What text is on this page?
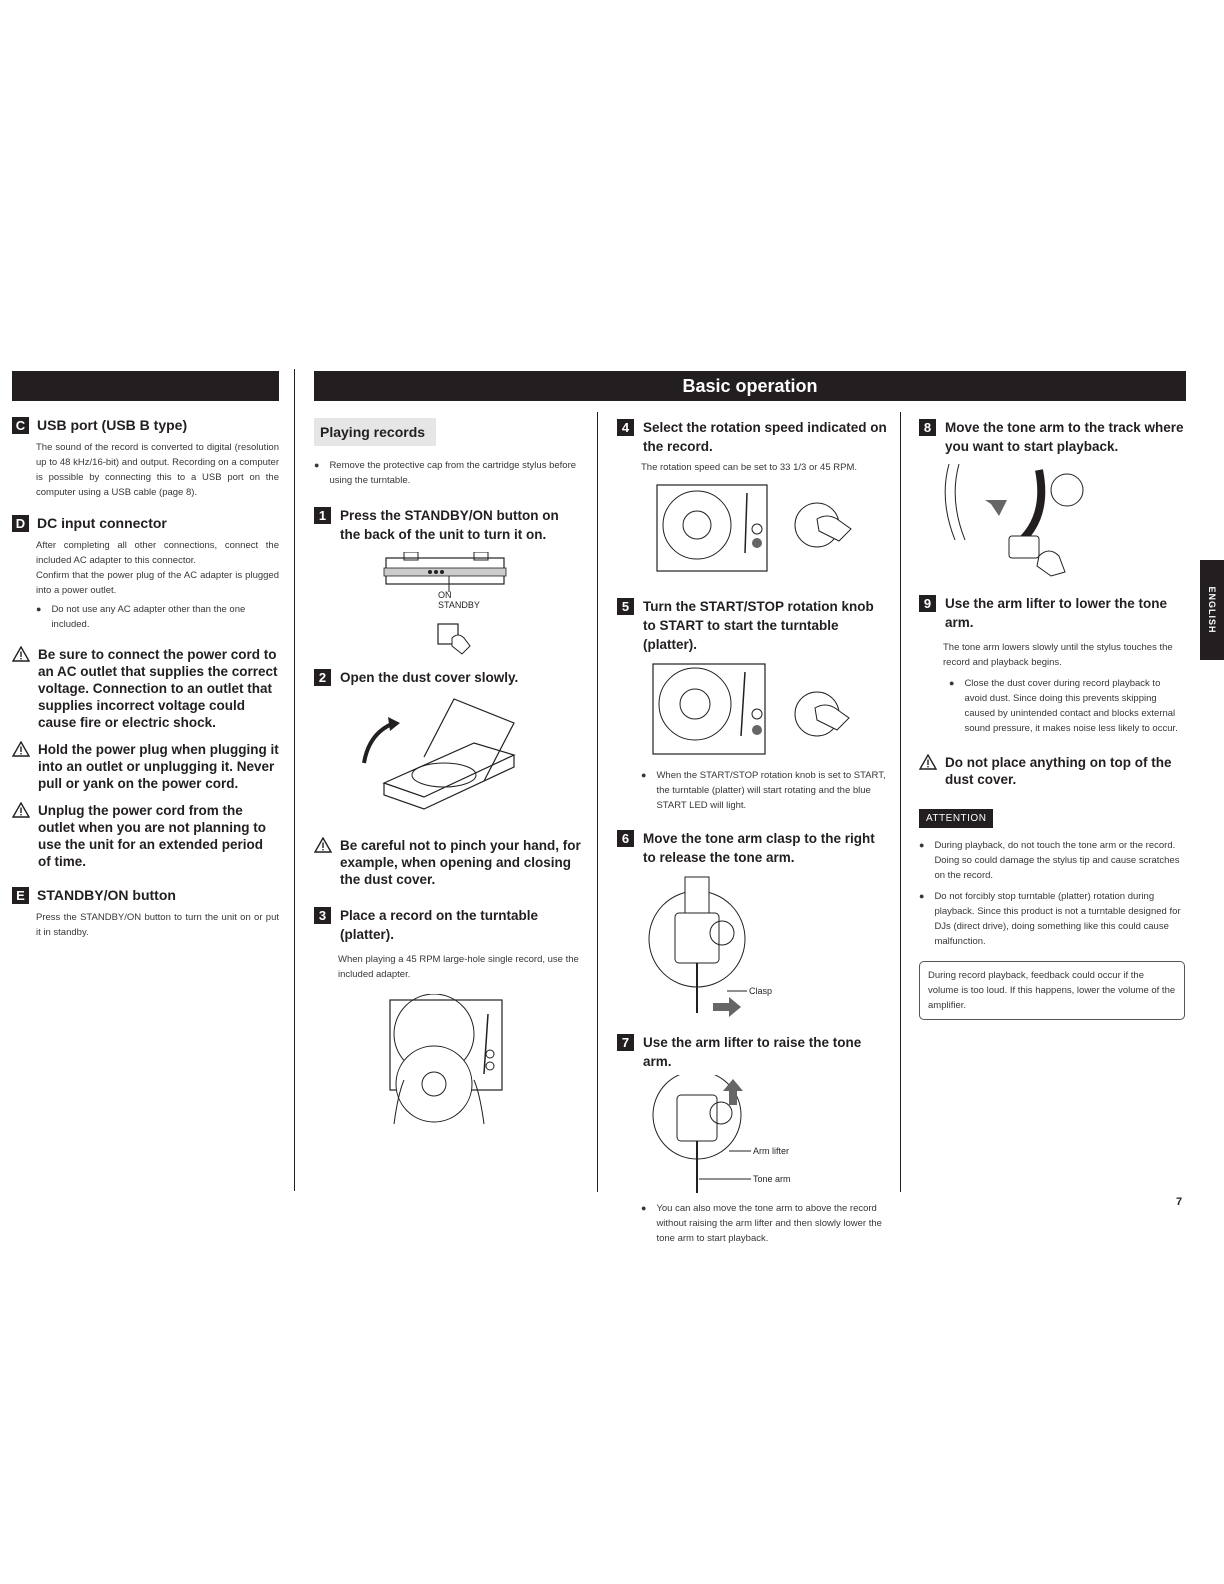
Basic operation
ENGLISH
C USB port (USB B type)
The sound of the record is converted to digital (resolution up to 48 kHz/16-bit) and output. Recording on a computer is possible by connecting this to a USB port on the computer using a USB cable (page 8).
D DC input connector
After completing all other connections, connect the included AC adapter to this connector.
Confirm that the power plug of the AC adapter is plugged into a power outlet.
● Do not use any AC adapter other than the one included.
Be sure to connect the power cord to an AC outlet that supplies the correct voltage. Connection to an outlet that supplies incorrect voltage could cause fire or electric shock.
Hold the power plug when plugging it into an outlet or unplugging it. Never pull or yank on the power cord.
Unplug the power cord from the outlet when you are not planning to use the unit for an extended period of time.
E STANDBY/ON button
Press the STANDBY/ON button to turn the unit on or put it in standby.
Playing records
● Remove the protective cap from the cartridge stylus before using the turntable.
1	Press the STANDBY/ON button on the back of the unit to turn it on.
ON
STANDBY
2	Open the dust cover slowly.
Be careful not to pinch your hand, for example, when opening and closing the dust cover.
3	Place a record on the turntable (platter).
When playing a 45 RPM large-hole single record, use the included adapter.
4	Select the rotation speed indicated on the record.
The rotation speed can be set to 33 1/3 or 45 RPM.
5	Turn the START/STOP rotation knob to START to start the turntable (platter).
● When the START/STOP rotation knob is set to START, the turntable (platter) will start rotating and the blue START LED will light.
6	Move the tone arm clasp to the right to release the tone arm.
Clasp
7	Use the arm lifter to raise the tone arm.
Arm lifter
Tone arm
● You can also move the tone arm to above the record without raising the arm lifter and then slowly lower the tone arm to start playback.
8	Move the tone arm to the track where you want to start playback.
9	Use the arm lifter to lower the tone arm.
The tone arm lowers slowly until the stylus touches the record and playback begins.
● Close the dust cover during record playback to avoid dust. Since doing this prevents skipping caused by unintended contact and blocks external sound pressure, it makes noise less likely to occur.
Do not place anything on top of the dust cover.
ATTENTION
● During playback, do not touch the tone arm or the record. Doing so could damage the stylus tip and cause scratches on the record.
● Do not forcibly stop turntable (platter) rotation during playback. Since this product is not a turntable designed for DJs (direct drive), doing something like this could cause malfunction.
During record playback, feedback could occur if the volume is too loud. If this happens, lower the volume of the amplifier.
7
